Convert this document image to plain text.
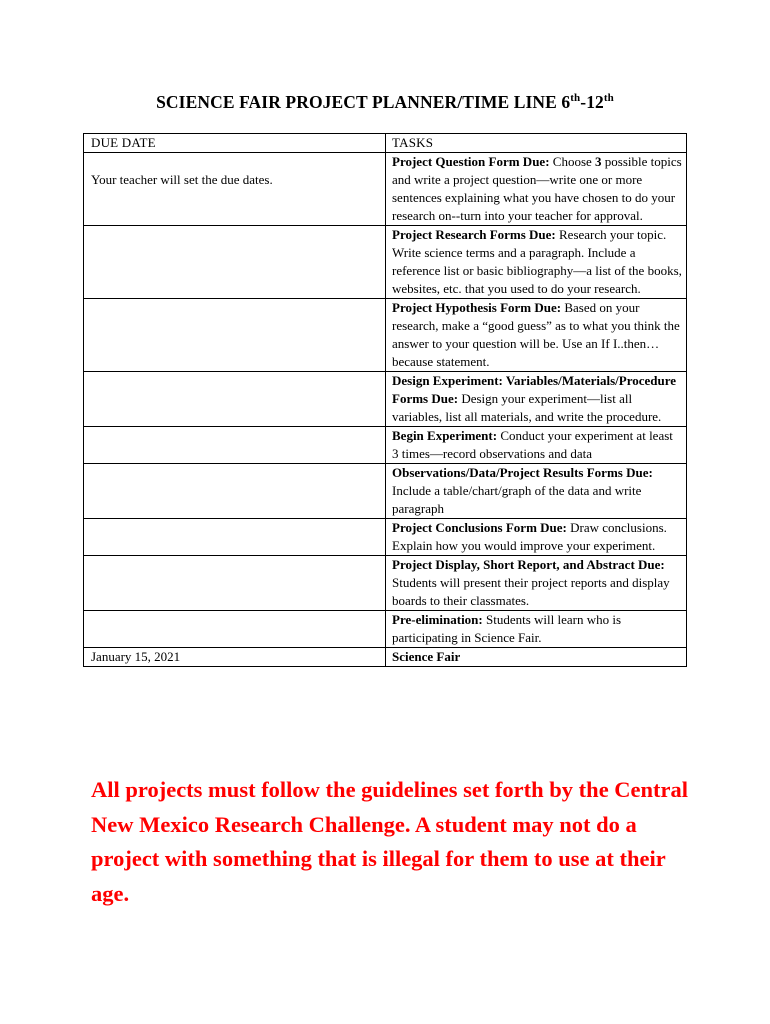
SCIENCE FAIR PROJECT PLANNER/TIME LINE 6th-12th
DUE DATE	TASKS

Your teacher will set the due dates.	Project Question Form Due: Choose 3 possible topics and write a project question—write one or more sentences explaining what you have chosen to do your research on--turn into your teacher for approval.
	Project Research Forms Due: Research your topic. Write science terms and a paragraph. Include a reference list or basic bibliography—a list of the books, websites, etc. that you used to do your research.
	Project Hypothesis Form Due: Based on your research, make a “good guess” as to what you think the answer to your question will be. Use an If I..then…because statement.
	Design Experiment: Variables/Materials/Procedure Forms Due: Design your experiment—list all variables, list all materials, and write the procedure.
	Begin Experiment: Conduct your experiment at least 3 times—record observations and data
	Observations/Data/Project Results Forms Due: Include a table/chart/graph of the data and write paragraph
	Project Conclusions Form Due: Draw conclusions. Explain how you would improve your experiment.
	Project Display, Short Report, and Abstract Due: Students will present their project reports and display boards to their classmates.
	Pre-elimination: Students will learn who is participating in Science Fair.
January 15, 2021	Science Fair
All projects must follow the guidelines set forth by the Central New Mexico Research Challenge. A student may not do a project with something that is illegal for them to use at their age.
